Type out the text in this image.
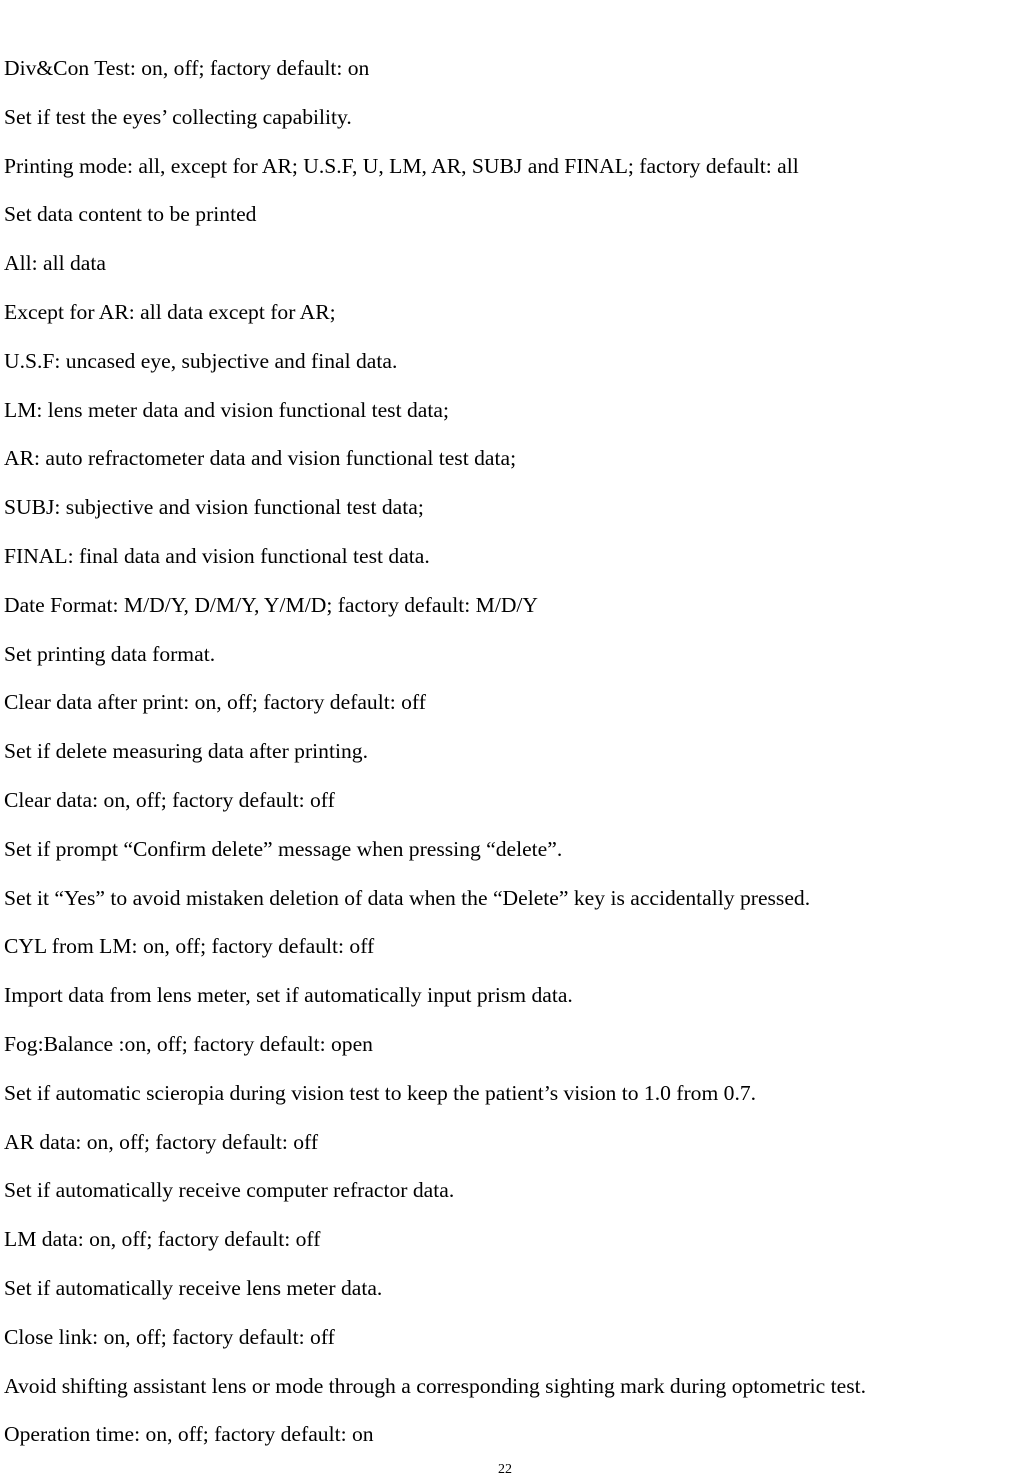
Div&Con Test: on, off; factory default: on
Set if test the eyes’ collecting capability.
Printing mode: all, except for AR; U.S.F, U, LM, AR, SUBJ and FINAL; factory default: all
Set data content to be printed
All: all data
Except for AR: all data except for AR;
U.S.F: uncased eye, subjective and final data.
LM: lens meter data and vision functional test data;
AR: auto refractometer data and vision functional test data;
SUBJ: subjective and vision functional test data;
FINAL: final data and vision functional test data.
Date Format: M/D/Y, D/M/Y, Y/M/D; factory default: M/D/Y
Set printing data format.
Clear data after print: on, off; factory default: off
Set if delete measuring data after printing.
Clear data: on, off; factory default: off
Set if prompt “Confirm delete” message when pressing “delete”.
Set it “Yes” to avoid mistaken deletion of data when the “Delete” key is accidentally pressed.
CYL from LM: on, off; factory default: off
Import data from lens meter, set if automatically input prism data.
Fog:Balance :on, off; factory default: open
Set if automatic scieropia during vision test to keep the patient’s vision to 1.0 from 0.7.
AR data: on, off; factory default: off
Set if automatically receive computer refractor data.
LM data: on, off; factory default: off
Set if automatically receive lens meter data.
Close link: on, off; factory default: off
Avoid shifting assistant lens or mode through a corresponding sighting mark during optometric test.
Operation time: on, off; factory default: on
22
